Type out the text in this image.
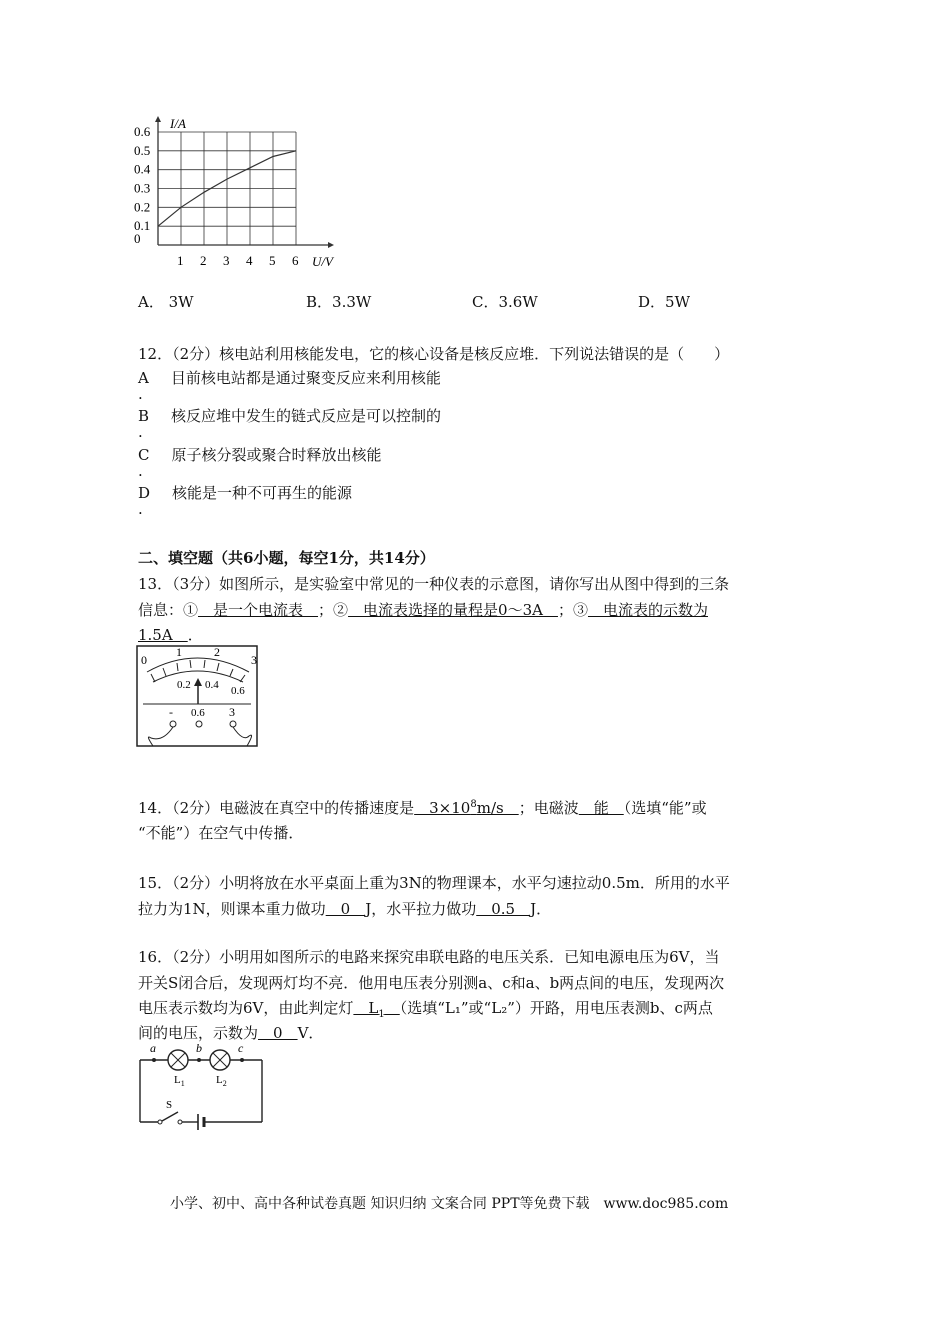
1 2 3 4 5 6
0
0.1
0.2
0.3
0.4
0.5
0.6
I/A
U/V
A． 3W	B．3.3W	C．3.6W	D．5W
12．（2分）核电站利用核能发电，它的核心设备是核反应堆．下列说法错误的是（　　）
A 目前核电站都是通过聚变反应来利用核能
.
B 核反应堆中发生的链式反应是可以控制的
.
C 原子核分裂或聚合时释放出核能
.
D 核能是一种不可再生的能源
.
二、填空题（共6小题，每空1分，共14分）
13．（3分）如图所示，是实验室中常见的一种仪表的示意图，请你写出从图中得到的三条
信息：①　是一个电流表　；②　电流表选择的量程是0～3A　；③　电流表的示数为
1.5A　．
0
1	2
3
0.2 0.4 0.6
- 0.6 3
14．（2分）电磁波在真空中的传播速度是　$3\times 10^8m/s$　；电磁波　能　（选填“能”或
“不能”）在空气中传播．
15．（2分）小明将放在水平桌面上重为3N的物理课本，水平匀速拉动0.5m．所用的水平
拉力为1N，则课本重力做功　0　J，水平拉力做功　0.5　J．
16．（2分）小明用如图所示的电路来探究串联电路的电压关系．已知电源电压为6V，当
开关S闭合后，发现两灯均不亮．他用电压表分别测a、c和a、b两点间的电压，发现两次
电压表示数均为6V，由此判定灯　$L_1$　 （选填“L₁”或“L₂”）开路，用电压表测b、c两点
间的电压，示数为　0　V．
a	b	c
$L_1$	$L_2$
S
小学、初中、高中各种试卷真题 知识归纳 文案合同 PPT等免费下载　www.doc985.com
